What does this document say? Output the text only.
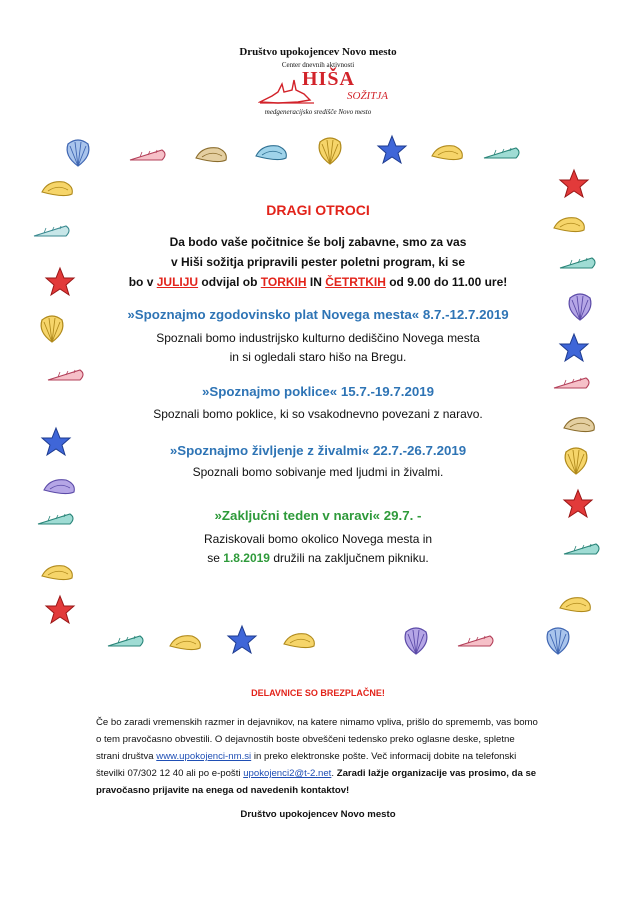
Društvo upokojencev Novo mesto
Center dnevnih aktivnosti
HIŠA
SOŽITJA
medgeneracijsko središče Novo mesto
DRAGI OTROCI
Da bodo vaše počitnice še bolj zabavne, smo za vas
v Hiši sožitja pripravili pester poletni program, ki se
bo v JULIJU odvijal ob TORKIH IN ČETRTKIH od 9.00 do 11.00 ure!
»Spoznajmo zgodovinsko plat Novega mesta« 8.7.-12.7.2019
Spoznali bomo industrijsko kulturno dediščino Novega mesta
in si ogledali staro hišo na Bregu.
»Spoznajmo poklice« 15.7.-19.7.2019
Spoznali bomo poklice, ki so vsakodnevno povezani z naravo.
»Spoznajmo življenje z živalmi« 22.7.-26.7.2019
Spoznali bomo sobivanje med ljudmi in živalmi.
»Zaključni teden v naravi« 29.7. -
Raziskovali bomo okolico Novega mesta in
se 1.8.2019 družili na zaključnem pikniku.
DELAVNICE SO BREZPLAČNE!
Če bo zaradi vremenskih razmer in dejavnikov, na katere nimamo vpliva, prišlo do sprememb, vas bomo o tem pravočasno obvestili. O dejavnostih boste obveščeni tedensko preko oglasne deske, spletne strani društva www.upokojenci-nm.si in preko elektronske pošte. Več informacij dobite na telefonski številki 07/302 12 40 ali po e-pošti upokojenci2@t-2.net. Zaradi lažje organizacije vas prosimo, da se pravočasno prijavite na enega od navedenih kontaktov!
Društvo upokojencev Novo mesto
